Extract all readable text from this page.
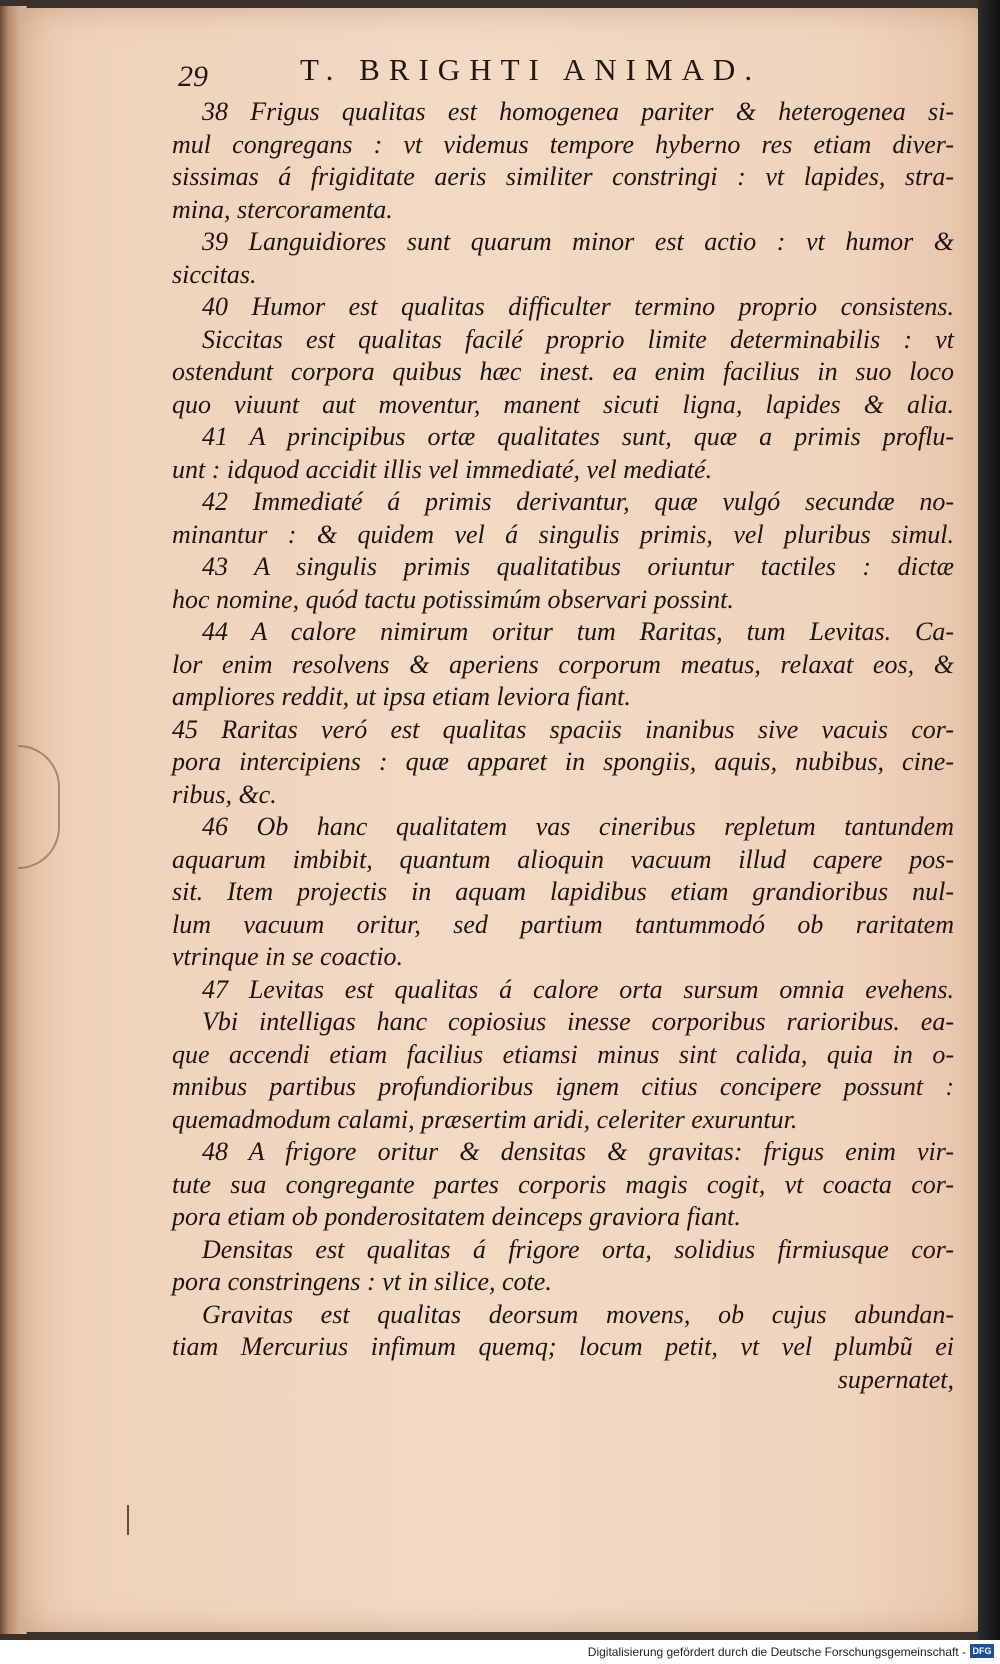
29	T. BRIGHTI ANIMAD.
38 Frigus qualitas est homogenea pariter & heterogenea si-
mul congregans : vt videmus tempore hyberno res etiam diver-
sissimas á frigiditate aeris similiter constringi : vt lapides, stra-
mina, stercoramenta.
39 Languidiores sunt quarum minor est actio : vt humor &
siccitas.
40 Humor est qualitas difficulter termino proprio consistens.
Siccitas est qualitas facilé proprio limite determinabilis : vt
ostendunt corpora quibus hæc inest. ea enim facilius in suo loco
quo viuunt aut moventur, manent sicuti ligna, lapides & alia.
41 A principibus ortæ qualitates sunt, quæ a primis proflu-
unt : idquod accidit illis vel immediaté, vel mediaté.
42 Immediaté á primis derivantur, quæ vulgó secundæ no-
minantur : & quidem vel á singulis primis, vel pluribus simul.
43 A singulis primis qualitatibus oriuntur tactiles : dictæ
hoc nomine, quód tactu potissimúm observari possint.
44 A calore nimirum oritur tum Raritas, tum Levitas. Ca-
lor enim resolvens & aperiens corporum meatus, relaxat eos, &
ampliores reddit, ut ipsa etiam leviora fiant.
45 Raritas veró est qualitas spaciis inanibus sive vacuis cor-
pora intercipiens : quæ apparet in spongiis, aquis, nubibus, cine-
ribus, &c.
46 Ob hanc qualitatem vas cineribus repletum tantundem
aquarum imbibit, quantum alioquin vacuum illud capere pos-
sit. Item projectis in aquam lapidibus etiam grandioribus nul-
lum vacuum oritur, sed partium tantummodó ob raritatem
vtrinque in se coactio.
47 Levitas est qualitas á calore orta sursum omnia evehens.
Vbi intelligas hanc copiosius inesse corporibus rarioribus. ea-
que accendi etiam facilius etiamsi minus sint calida, quia in o-
mnibus partibus profundioribus ignem citius concipere possunt :
quemadmodum calami, præsertim aridi, celeriter exuruntur.
48 A frigore oritur & densitas & gravitas: frigus enim vir-
tute sua congregante partes corporis magis cogit, vt coacta cor-
pora etiam ob ponderositatem deinceps graviora fiant.
Densitas est qualitas á frigore orta, solidius firmiusque cor-
pora constringens : vt in silice, cote.
Gravitas est qualitas deorsum movens, ob cujus abundan-
tiam Mercurius infimum quemq; locum petit, vt vel plumbũ ei
supernatet,
Digitalisierung gefördert durch die Deutsche Forschungsgemeinschaft - DFG
